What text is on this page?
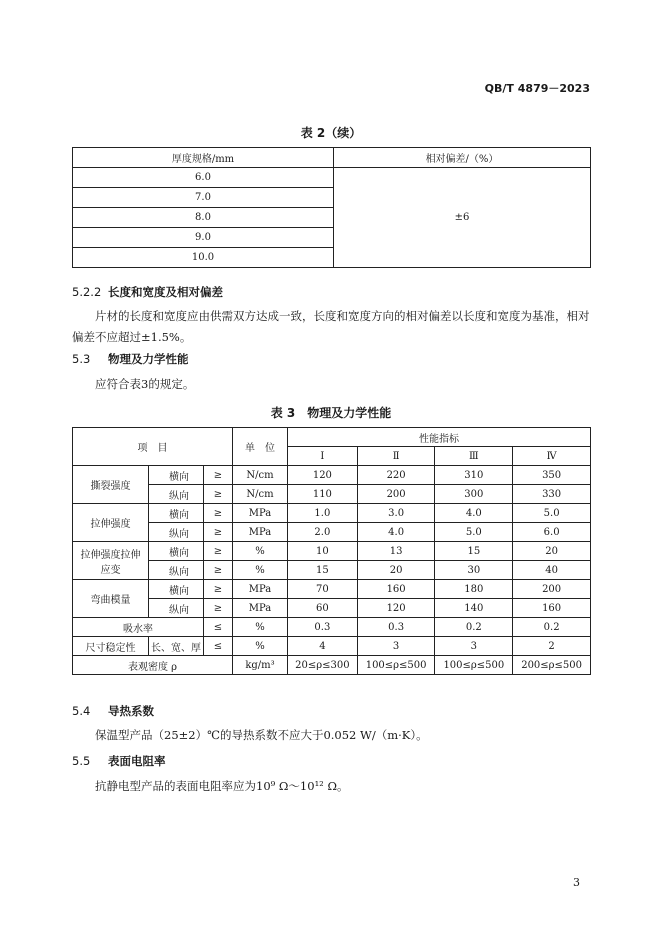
QB/T 4879－2023
表 2（续）
厚度规格/mm	相对偏差/（%）
6.0	±6
7.0	
8.0	
9.0	
10.0	
5.2.2 长度和宽度及相对偏差
片材的长度和宽度应由供需双方达成一致，长度和宽度方向的相对偏差以长度和宽度为基准，相对偏差不应超过±1.5%。
5.3 物理及力学性能
应符合表3的规定。
表 3　物理及力学性能
项　目			单　位	性能指标			
				Ⅰ	Ⅱ	Ⅲ	Ⅳ
撕裂强度	横向	≥	N/cm	120	220	310	350
	纵向	≥	N/cm	110	200	300	330
拉伸强度	横向	≥	MPa	1.0	3.0	4.0	5.0
	纵向	≥	MPa	2.0	4.0	5.0	6.0
拉伸强度拉伸
应变	横向	≥	%	10	13	15	20
	纵向	≥	%	15	20	30	40
弯曲模量	横向	≥	MPa	70	160	180	200
	纵向	≥	MPa	60	120	140	160
吸水率		≤	%	0.3	0.3	0.2	0.2
尺寸稳定性	长、宽、厚	≤	%	4	3	3	2
表观密度 ρ			kg/m³	20≤ρ≤300	100≤ρ≤500	100≤ρ≤500	200≤ρ≤500
5.4 导热系数
保温型产品（25±2）℃的导热系数不应大于0.052 W/（m·K）。
5.5 表面电阻率
抗静电型产品的表面电阻率应为10⁹ Ω～10¹² Ω。
3
